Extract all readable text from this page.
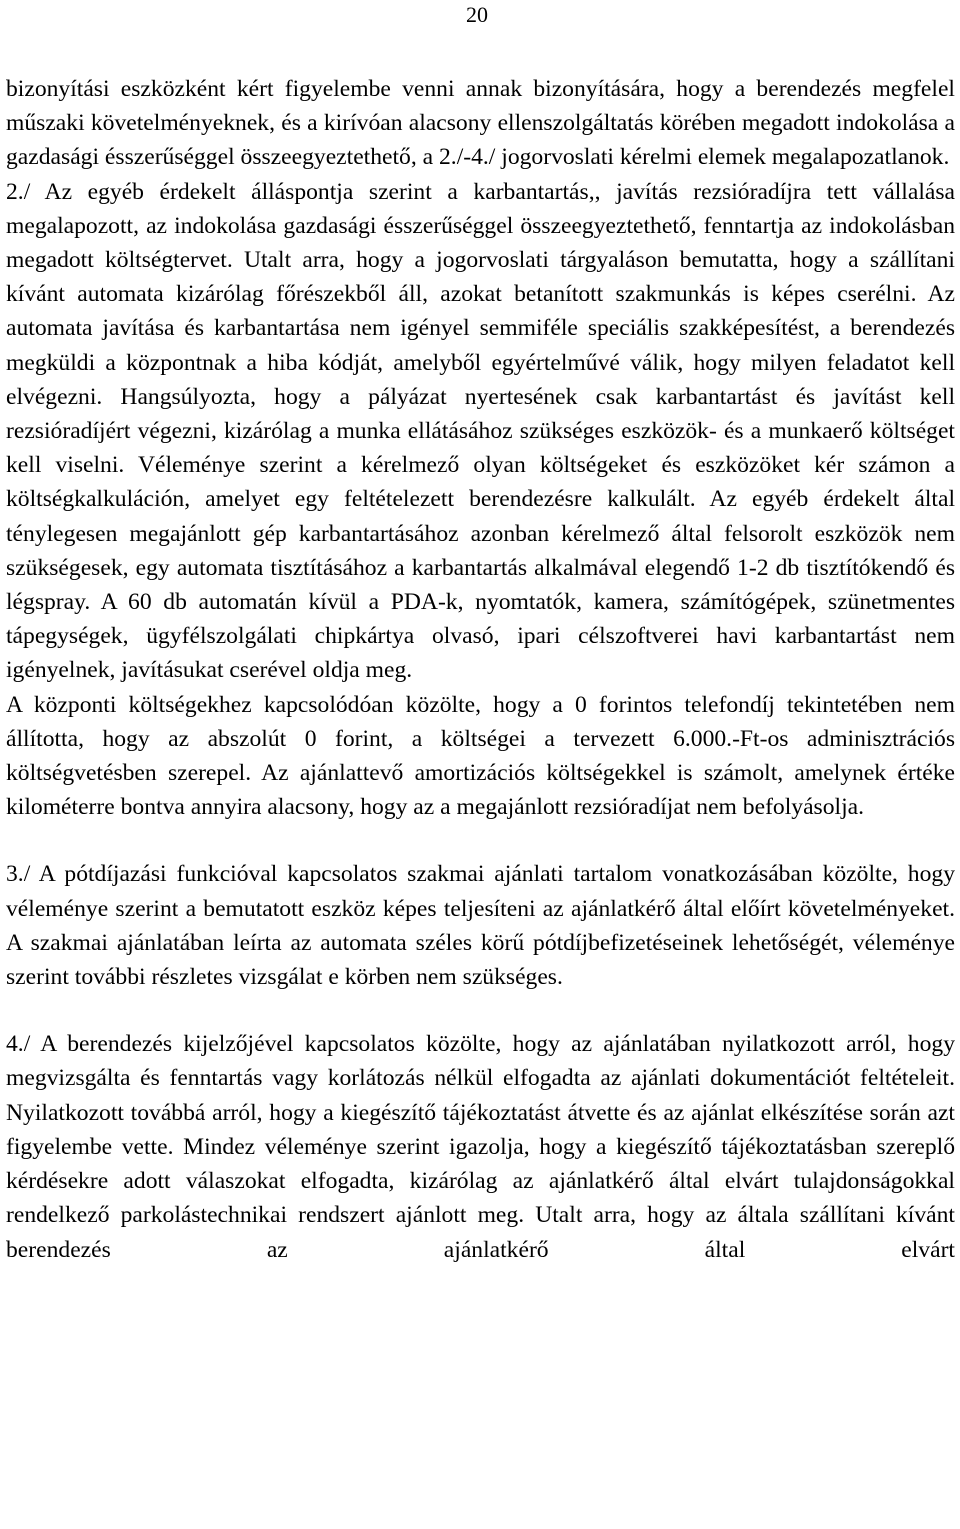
20

bizonyítási eszközként kért figyelembe venni annak bizonyítására, hogy a berendezés megfelel műszaki követelményeknek, és a kirívóan alacsony ellenszolgáltatás körében megadott indokolása a gazdasági ésszerűséggel összeegyeztethető, a 2./-4./ jogorvoslati kérelmi elemek megalapozatlanok.

2./ Az egyéb érdekelt álláspontja szerint a karbantartás,, javítás rezsióradíjra tett vállalása megalapozott, az indokolása gazdasági ésszerűséggel összeegyeztethető, fenntartja az indokolásban megadott költségtervet. Utalt arra, hogy a jogorvoslati tárgyaláson bemutatta, hogy a szállítani kívánt automata kizárólag főrészekből áll, azokat betanított szakmunkás is képes cserélni. Az automata javítása és karbantartása nem igényel semmiféle speciális szakképesítést, a berendezés megküldi a központnak a hiba kódját, amelyből egyértelművé válik, hogy milyen feladatot kell elvégezni. Hangsúlyozta, hogy a pályázat nyertesének csak karbantartást és javítást kell rezsióradíjért végezni, kizárólag a munka ellátásához szükséges eszközök- és a munkaerő költséget kell viselni. Véleménye szerint a kérelmező olyan költségeket és eszközöket kér számon a költségkalkuláción, amelyet egy feltételezett berendezésre kalkulált. Az egyéb érdekelt által ténylegesen megajánlott gép karbantartásához azonban kérelmező által felsorolt eszközök nem szükségesek, egy automata tisztításához a karbantartás alkalmával elegendő 1-2 db tisztítókendő és légspray. A 60 db automatán kívül a PDA-k, nyomtatók, kamera, számítógépek, szünetmentes tápegységek, ügyfélszolgálati chipkártya olvasó, ipari célszoftverei havi karbantartást nem igényelnek, javításukat cserével oldja meg.

A központi költségekhez kapcsolódóan közölte, hogy a 0 forintos telefondíj tekintetében nem állította, hogy az abszolút 0 forint, a költségei a tervezett 6.000.-Ft-os adminisztrációs költségvetésben szerepel. Az ajánlattevő amortizációs költségekkel is számolt, amelynek értéke kilométerre bontva annyira alacsony, hogy az a megajánlott rezsióradíjat nem befolyásolja.

3./ A pótdíjazási funkcióval kapcsolatos szakmai ajánlati tartalom vonatkozásában közölte, hogy véleménye szerint a bemutatott eszköz képes teljesíteni az ajánlatkérő által előírt követelményeket. A szakmai ajánlatában leírta az automata széles körű pótdíjbefizetéseinek lehetőségét, véleménye szerint további részletes vizsgálat e körben nem szükséges.

4./ A berendezés kijelzőjével kapcsolatos közölte, hogy az ajánlatában nyilatkozott arról, hogy megvizsgálta és fenntartás vagy korlátozás nélkül elfogadta az ajánlati dokumentációt feltételeit. Nyilatkozott továbbá arról, hogy a kiegészítő tájékoztatást átvette és az ajánlat elkészítése során azt figyelembe vette. Mindez véleménye szerint igazolja, hogy a kiegészítő tájékoztatásban szereplő kérdésekre adott válaszokat elfogadta, kizárólag az ajánlatkérő által elvárt tulajdonságokkal rendelkező parkolástechnikai rendszert ajánlott meg. Utalt arra, hogy az általa szállítani kívánt berendezés az ajánlatkérő által elvárt
